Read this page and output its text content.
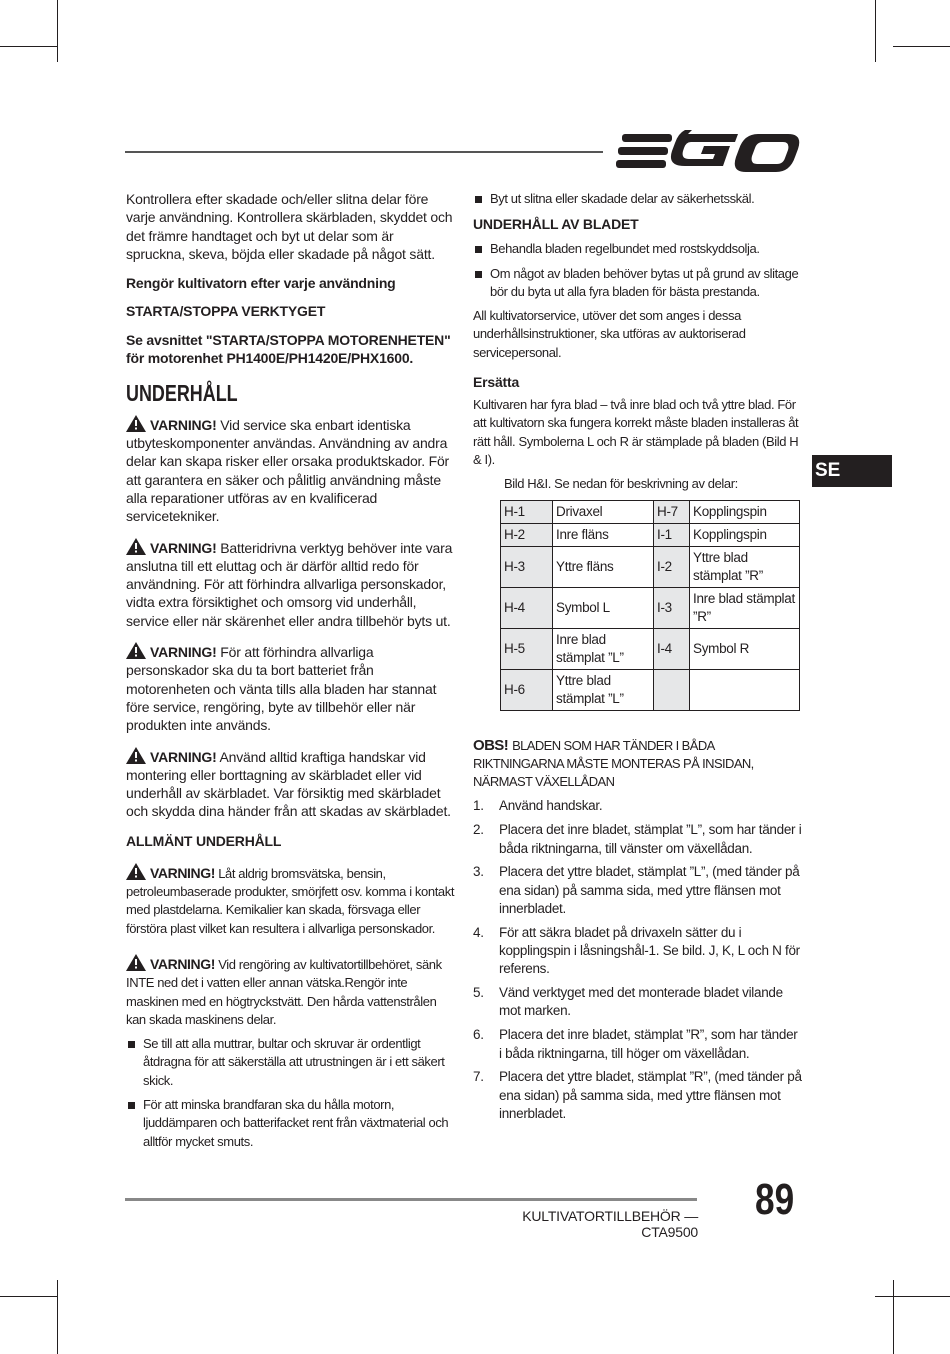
Kontrollera efter skadade och/eller slitna delar före varje användning. Kontrollera skärbladen, skyddet och det främre handtaget och byt ut delar som är spruckna, skeva, böjda eller skadade på något sätt.

Rengör kultivatorn efter varje användning

STARTA/STOPPA VERKTYGET

Se avsnittet "STARTA/STOPPA MOTORENHETEN" för motorenhet PH1400E/PH1420E/PHX1600.

UNDERHÅLL

VARNING! Vid service ska enbart identiska utbyteskomponenter användas. Användning av andra delar kan skapa risker eller orsaka produktskador. För att garantera en säker och pålitlig användning måste alla reparationer utföras av en kvalificerad servicetekniker.

VARNING! Batteridrivna verktyg behöver inte vara anslutna till ett eluttag och är därför alltid redo för användning. För att förhindra allvarliga personskador, vidta extra försiktighet och omsorg vid underhåll, service eller när skärenhet eller andra tillbehör byts ut.

VARNING! För att förhindra allvarliga personskador ska du ta bort batteriet från motorenheten och vänta tills alla bladen har stannat före service, rengöring, byte av tillbehör eller när produkten inte används.

VARNING! Använd alltid kraftiga handskar vid montering eller borttagning av skärbladet eller vid underhåll av skärbladet. Var försiktig med skärbladet och skydda dina händer från att skadas av skärbladet.

ALLMÄNT UNDERHÅLL

VARNING! Låt aldrig bromsvätska, bensin, petroleumbaserade produkter, smörjfett osv. komma i kontakt med plastdelarna. Kemikalier kan skada, försvaga eller förstöra plast vilket kan resultera i allvarliga personskador.

VARNING! Vid rengöring av kultivatortillbehöret, sänk INTE ned det i vatten eller annan vätska.Rengör inte maskinen med en högtryckstvätt. Den hårda vattenstrålen kan skada maskinens delar.

Se till att alla muttrar, bultar och skruvar är ordentligt åtdragna för att säkerställa att utrustningen är i ett säkert skick.
För att minska brandfaran ska du hålla motorn, ljuddämparen och batterifacket rent från växtmaterial och alltför mycket smuts.
Byt ut slitna eller skadade delar av säkerhetsskäl.

UNDERHÅLL AV BLADET

Behandla bladen regelbundet med rostskyddsolja.
Om något av bladen behöver bytas ut på grund av slitage bör du byta ut alla fyra bladen för bästa prestanda.

All kultivatorservice, utöver det som anges i dessa underhållsinstruktioner, ska utföras av auktoriserad servicepersonal.

Ersätta

Kultivaren har fyra blad – två inre blad och två yttre blad. För att kultivatorn ska fungera korrekt måste bladen installeras åt rätt håll. Symbolerna L och R är stämplade på bladen (Bild H & I).

Bild H&I. Se nedan för beskrivning av delar:

H-1	Drivaxel	H-7	Kopplingspin
H-2	Inre fläns	I-1	Kopplingspin
H-3	Yttre fläns	I-2	Yttre blad stämplat ”R”
H-4	Symbol L	I-3	Inre blad stämplat ”R”
H-5	Inre blad stämplat ”L”	I-4	Symbol R
H-6	Yttre blad stämplat ”L”		

OBS! BLADEN SOM HAR TÄNDER I BÅDA RIKTNINGARNA MÅSTE MONTERAS PÅ INSIDAN, NÄRMAST VÄXELLÅDAN

1. Använd handskar.
2. Placera det inre bladet, stämplat ”L”, som har tänder i båda riktningarna, till vänster om växellådan.
3. Placera det yttre bladet, stämplat ”L”, (med tänder på ena sidan) på samma sida, med yttre flänsen mot innerbladet.
4. För att säkra bladet på drivaxeln sätter du i kopplingspin i låsningshål-1. Se bild. J, K, L och N för referens.
5. Vänd verktyget med det monterade bladet vilande mot marken.
6. Placera det inre bladet, stämplat ”R”, som har tänder i båda riktningarna, till höger om växellådan.
7. Placera det yttre bladet, stämplat ”R”, (med tänder på ena sidan) på samma sida, med yttre flänsen mot innerbladet.
SE
KULTIVATORTILLBEHÖR — CTA9500
89
